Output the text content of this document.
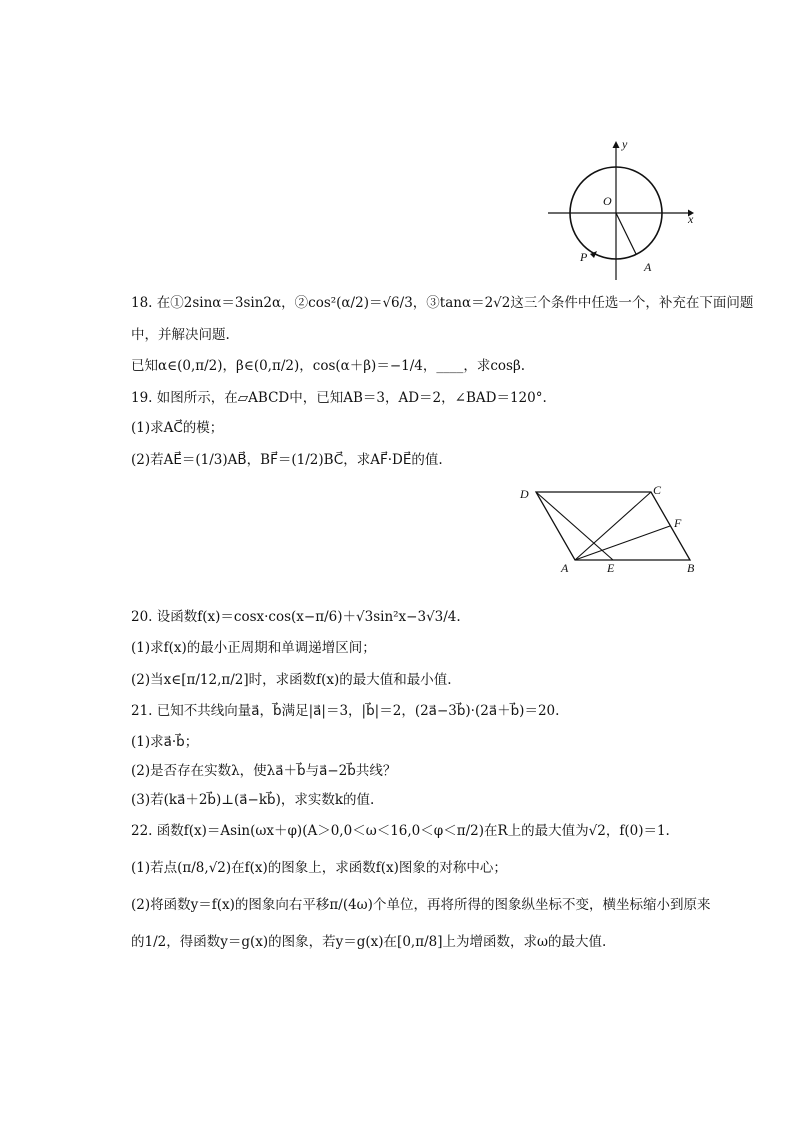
y
O
x
P
A
18. 在①2sinα＝3sin2α，②cos²(α/2)＝√6/3，③tanα＝2√2这三个条件中任选一个，补充在下面问题
中，并解决问题.
已知α∈(0,π/2)，β∈(0,π/2)，cos(α＋β)＝−1/4，____，求cosβ.
19. 如图所示，在▱ABCD中，已知AB＝3，AD＝2，∠BAD＝120°.
(1)求AC⃗的模；
(2)若AE⃗＝(1/3)AB⃗，BF⃗＝(1/2)BC⃗，求AF⃗·DE⃗的值.
D	C
F
A	E	B
20. 设函数f(x)＝cosx·cos(x−π/6)＋√3sin²x−3√3/4.
(1)求f(x)的最小正周期和单调递增区间；
(2)当x∈[π/12,π/2]时，求函数f(x)的最大值和最小值.
21. 已知不共线向量a⃗，b⃗满足|a⃗|＝3，|b⃗|＝2，(2a⃗−3b⃗)·(2a⃗＋b⃗)＝20.
(1)求a⃗·b⃗；
(2)是否存在实数λ，使λa⃗＋b⃗与a⃗−2b⃗共线？
(3)若(ka⃗＋2b⃗)⊥(a⃗−kb⃗)，求实数k的值.
22. 函数f(x)＝Asin(ωx＋φ)(A＞0,0＜ω＜16,0＜φ＜π/2)在R上的最大值为√2，f(0)＝1.
(1)若点(π/8,√2)在f(x)的图象上，求函数f(x)图象的对称中心；
(2)将函数y＝f(x)的图象向右平移π/(4ω)个单位，再将所得的图象纵坐标不变，横坐标缩小到原来
的1/2，得函数y＝g(x)的图象，若y＝g(x)在[0,π/8]上为增函数，求ω的最大值.
